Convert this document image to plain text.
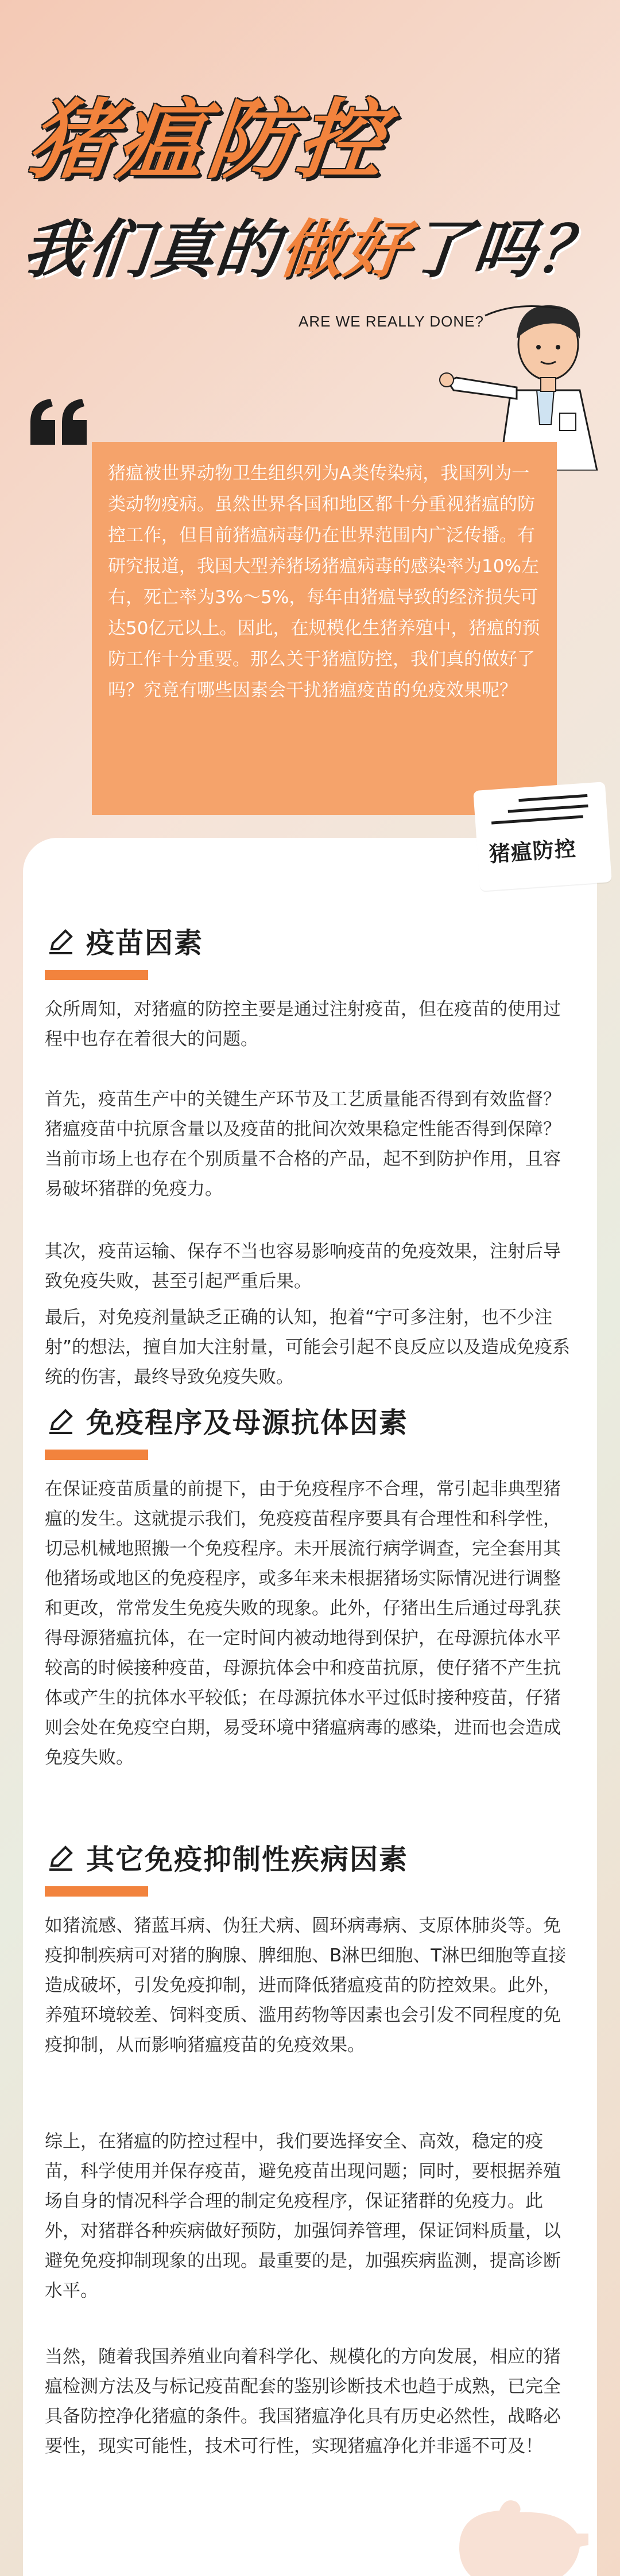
猪瘟防控
我们真的做好了吗？
ARE WE REALLY DONE?

猪瘟被世界动物卫生组织列为A类传染病，我国列为一类动物疫病。虽然世界各国和地区都十分重视猪瘟的防控工作，但目前猪瘟病毒仍在世界范围内广泛传播。有研究报道，我国大型养猪场猪瘟病毒的感染率为10%左右，死亡率为3%～5%，每年由猪瘟导致的经济损失可达50亿元以上。因此，在规模化生猪养殖中，猪瘟的预防工作十分重要。那么关于猪瘟防控，我们真的做好了吗？究竟有哪些因素会干扰猪瘟疫苗的免疫效果呢？

猪瘟防控
疫苗因素
众所周知，对猪瘟的防控主要是通过注射疫苗，但在疫苗的使用过程中也存在着很大的问题。
首先，疫苗生产中的关键生产环节及工艺质量能否得到有效监督？猪瘟疫苗中抗原含量以及疫苗的批间次效果稳定性能否得到保障？当前市场上也存在个别质量不合格的产品，起不到防护作用，且容易破坏猪群的免疫力。
其次，疫苗运输、保存不当也容易影响疫苗的免疫效果，注射后导致免疫失败，甚至引起严重后果。
最后，对免疫剂量缺乏正确的认知，抱着“宁可多注射，也不少注射”的想法，擅自加大注射量，可能会引起不良反应以及造成免疫系统的伤害，最终导致免疫失败。
免疫程序及母源抗体因素
在保证疫苗质量的前提下，由于免疫程序不合理，常引起非典型猪瘟的发生。这就提示我们，免疫疫苗程序要具有合理性和科学性，切忌机械地照搬一个免疫程序。未开展流行病学调查，完全套用其他猪场或地区的免疫程序，或多年来未根据猪场实际情况进行调整和更改，常常发生免疫失败的现象。此外，仔猪出生后通过母乳获得母源猪瘟抗体，在一定时间内被动地得到保护，在母源抗体水平较高的时候接种疫苗，母源抗体会中和疫苗抗原，使仔猪不产生抗体或产生的抗体水平较低；在母源抗体水平过低时接种疫苗，仔猪则会处在免疫空白期，易受环境中猪瘟病毒的感染，进而也会造成免疫失败。
其它免疫抑制性疾病因素
如猪流感、猪蓝耳病、伪狂犬病、圆环病毒病、支原体肺炎等。免疫抑制疾病可对猪的胸腺、脾细胞、B淋巴细胞、T淋巴细胞等直接造成破坏，引发免疫抑制，进而降低猪瘟疫苗的防控效果。此外，养殖环境较差、饲料变质、滥用药物等因素也会引发不同程度的免疫抑制，从而影响猪瘟疫苗的免疫效果。
综上，在猪瘟的防控过程中，我们要选择安全、高效，稳定的疫苗，科学使用并保存疫苗，避免疫苗出现问题；同时，要根据养殖场自身的情况科学合理的制定免疫程序，保证猪群的免疫力。此外，对猪群各种疾病做好预防，加强饲养管理，保证饲料质量，以避免免疫抑制现象的出现。最重要的是，加强疾病监测，提高诊断水平。
当然，随着我国养殖业向着科学化、规模化的方向发展，相应的猪瘟检测方法及与标记疫苗配套的鉴别诊断技术也趋于成熟，已完全具备防控净化猪瘟的条件。我国猪瘟净化具有历史必然性，战略必要性，现实可能性，技术可行性，实现猪瘟净化并非遥不可及！
